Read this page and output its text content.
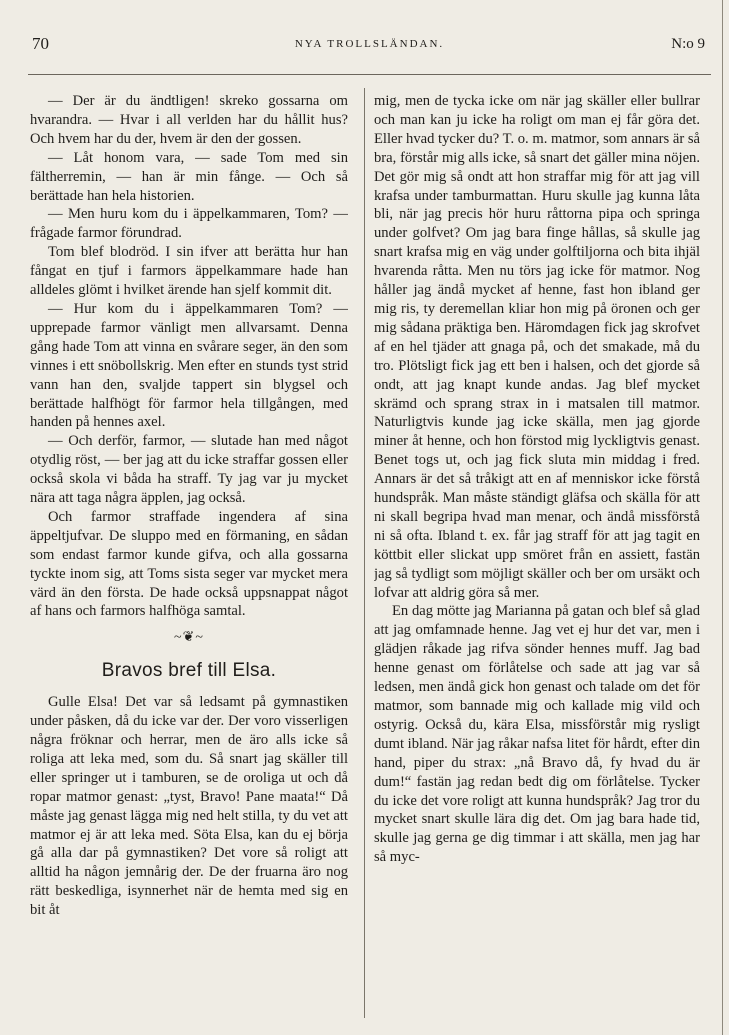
70	NYA TROLLSLÄNDAN.	N:o 9

— Der är du ändtligen! skreko gossarna om hvarandra. — Hvar i all verlden har du hållit hus? Och hvem har du der, hvem är den der gossen.

— Låt honom vara, — sade Tom med sin fältherremin, — han är min fånge. — Och så berättade han hela historien.

— Men huru kom du i äppelkammaren, Tom? — frågade farmor förundrad.

Tom blef blodröd. I sin ifver att berätta hur han fångat en tjuf i farmors äppelkammare hade han alldeles glömt i hvilket ärende han sjelf kommit dit.

— Hur kom du i äppelkammaren Tom? — upprepade farmor vänligt men allvarsamt. Denna gång hade Tom att vinna en svårare seger, än den som vinnes i ett snöbollskrig. Men efter en stunds tyst strid vann han den, svaljde tappert sin blygsel och berättade halfhögt för farmor hela tillgången, med handen på hennes axel.

— Och derför, farmor, — slutade han med något otydlig röst, — ber jag att du icke straffar gossen eller också skola vi båda ha straff. Ty jag var ju mycket nära att taga några äpplen, jag också.

Och farmor straffade ingendera af sina äppeltjufvar. De sluppo med en förmaning, en sådan som endast farmor kunde gifva, och alla gossarna tyckte inom sig, att Toms sista seger var mycket mera värd än den första. De hade också uppsnappat något af hans och farmors halfhöga samtal.

~❦~
Bravos bref till Elsa.

Gulle Elsa! Det var så ledsamt på gymnastiken under påsken, då du icke var der. Der voro visserligen några fröknar och herrar, men de äro alls icke så roliga att leka med, som du. Så snart jag skäller till eller springer ut i tamburen, se de oroliga ut och då ropar matmor genast: „tyst, Bravo! Pane maata!“ Då måste jag genast lägga mig ned helt stilla, ty du vet att matmor ej är att leka med. Söta Elsa, kan du ej börja gå alla dar på gymnastiken? Det vore så roligt att alltid ha någon jemnårig der. De der fruarna äro nog rätt beskedliga, isynnerhet när de hemta med sig en bit åt

mig, men de tycka icke om när jag skäller eller bullrar och man kan ju icke ha roligt om man ej får göra det. Eller hvad tycker du? T. o. m. matmor, som annars är så bra, förstår mig alls icke, så snart det gäller mina nöjen. Det gör mig så ondt att hon straffar mig för att jag vill krafsa under tamburmattan. Huru skulle jag kunna låta bli, när jag precis hör huru råttorna pipa och springa under golfvet? Om jag bara finge hållas, så skulle jag snart krafsa mig en väg under golftiljorna och bita ihjäl hvarenda råtta. Men nu törs jag icke för matmor. Nog håller jag ändå mycket af henne, fast hon ibland ger mig ris, ty deremellan kliar hon mig på öronen och ger mig sådana präktiga ben. Häromdagen fick jag skrofvet af en hel tjäder att gnaga på, och det smakade, må du tro. Plötsligt fick jag ett ben i halsen, och det gjorde så ondt, att jag knapt kunde andas. Jag blef mycket skrämd och sprang strax in i matsalen till matmor. Naturligtvis kunde jag icke skälla, men jag gjorde miner åt henne, och hon förstod mig lyckligtvis genast. Benet togs ut, och jag fick sluta min middag i fred. Annars är det så tråkigt att en af menniskor icke förstå hundspråk. Man måste ständigt gläfsa och skälla för att ni skall begripa hvad man menar, och ändå missförstå ni så ofta. Ibland t. ex. får jag straff för att jag tagit en köttbit eller slickat upp smöret från en assiett, fastän jag så tydligt som möjligt skäller och ber om ursäkt och lofvar att aldrig göra så mer.

En dag mötte jag Marianna på gatan och blef så glad att jag omfamnade henne. Jag vet ej hur det var, men i glädjen råkade jag rifva sönder hennes muff. Jag bad henne genast om förlåtelse och sade att jag var så ledsen, men ändå gick hon genast och talade om det för matmor, som bannade mig och kallade mig vild och ostyrig. Också du, kära Elsa, missförstår mig rysligt dumt ibland. När jag råkar nafsa litet för hårdt, efter din hand, piper du strax: „nå Bravo då, fy hvad du är dum!“ fastän jag redan bedt dig om förlåtelse. Tycker du icke det vore roligt att kunna hundspråk? Jag tror du mycket snart skulle lära dig det. Om jag bara hade tid, skulle jag gerna ge dig timmar i att skälla, men jag har så myc-
